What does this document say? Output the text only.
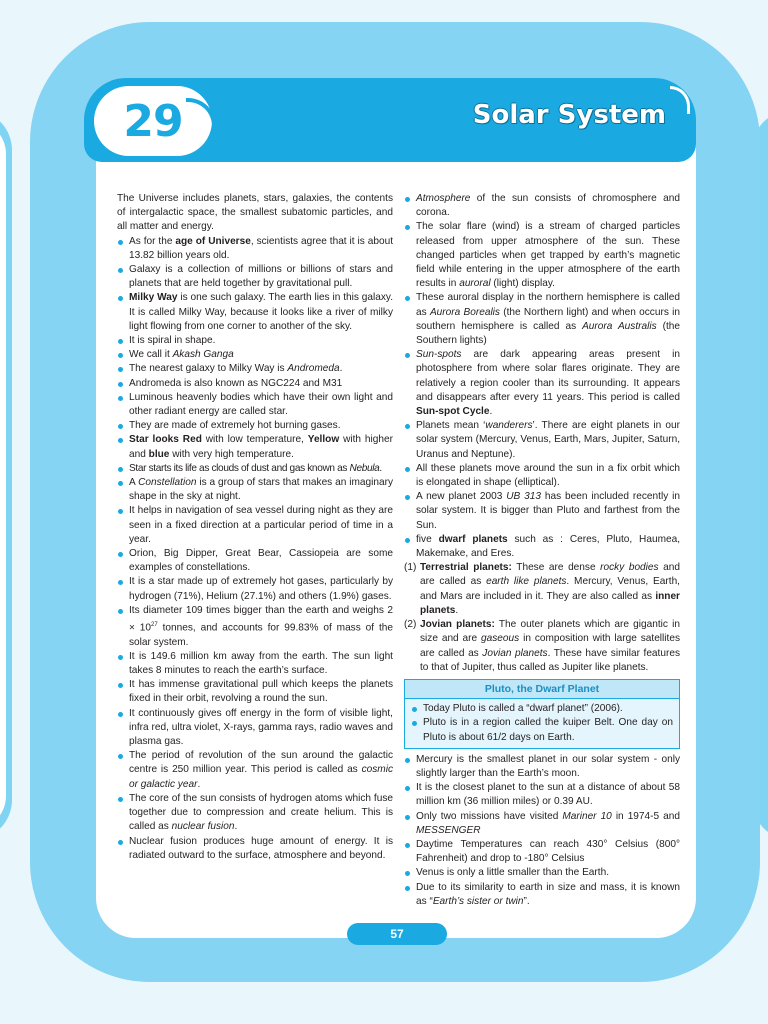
29	Solar System

The Universe includes planets, stars, galaxies, the contents of intergalactic space, the smallest subatomic particles, and all matter and energy.

As for the age of Universe, scientists agree that it is about 13.82 billion years old.
Galaxy is a collection of millions or billions of stars and planets that are held together by gravitational pull.
Milky Way is one such galaxy. The earth lies in this galaxy. It is called Milky Way, because it looks like a river of milky light flowing from one corner to another of the sky.
It is spiral in shape.
We call it Akash Ganga
The nearest galaxy to Milky Way is Andromeda.
Andromeda is also known as NGC224 and M31
Luminous heavenly bodies which have their own light and other radiant energy are called star.
They are made of extremely hot burning gases.
Star looks Red with low temperature, Yellow with higher and blue with very high temperature.
Star starts its life as clouds of dust and gas known as Nebula.
A Constellation is a group of stars that makes an imaginary shape in the sky at night.
It helps in navigation of sea vessel during night as they are seen in a fixed direction at a particular period of time in a year.
Orion, Big Dipper, Great Bear, Cassiopeia are some examples of constellations.
It is a star made up of extremely hot gases, particularly by hydrogen (71%), Helium (27.1%) and others (1.9%) gases.
Its diameter 109 times bigger than the earth and weighs $2 \times 10^{27}$ tonnes, and accounts for 99.83% of mass of the solar system.
It is 149.6 million km away from the earth. The sun light takes 8 minutes to reach the earth’s surface.
It has immense gravitational pull which keeps the planets fixed in their orbit, revolving a round the sun.
It continuously gives off energy in the form of visible light, infra red, ultra violet, X-rays, gamma rays, radio waves and plasma gas.
The period of revolution of the sun around the galactic centre is 250 million year. This period is called as cosmic or galactic year.
The core of the sun consists of hydrogen atoms which fuse together due to compression and create helium. This is called as nuclear fusion.
Nuclear fusion produces huge amount of energy. It is radiated outward to the surface, atmosphere and beyond.
Atmosphere of the sun consists of chromosphere and corona.
The solar flare (wind) is a stream of charged particles released from upper atmosphere of the sun. These changed particles when get trapped by earth’s magnetic field while entering in the upper atmosphere of the earth results in auroral (light) display.
These auroral display in the northern hemisphere is called as Aurora Borealis (the Northern light) and when occurs in southern hemisphere is called as Aurora Australis (the Southern lights)
Sun-spots are dark appearing areas present in photosphere from where solar flares originate. They are relatively a region cooler than its surrounding. It appears and disappears after every 11 years. This period is called Sun-spot Cycle.
Planets mean ‘wanderers’. There are eight planets in our solar system (Mercury, Venus, Earth, Mars, Jupiter, Saturn, Uranus and Neptune).
All these planets move around the sun in a fix orbit which is elongated in shape (elliptical).
A new planet 2003 UB 313 has been included recently in solar system. It is bigger than Pluto and farthest from the Sun.
five dwarf planets such as : Ceres, Pluto, Haumea, Makemake, and Eres.
(1) Terrestrial planets: These are dense rocky bodies and are called as earth like planets. Mercury, Venus, Earth, and Mars are included in it. They are also called as inner planets.
(2) Jovian planets: The outer planets which are gigantic in size and are gaseous in composition with large satellites are called as Jovian planets. These have similar features to that of Jupiter, thus called as Jupiter like planets.
Pluto, the Dwarf Planet
Today Pluto is called a “dwarf planet” (2006).
Pluto is in a region called the kuiper Belt. One day on Pluto is about 61/2 days on Earth.
Mercury is the smallest planet in our solar system - only slightly larger than the Earth’s moon.
It is the closest planet to the sun at a distance of about 58 million km (36 million miles) or 0.39 AU.
Only two missions have visited Mariner 10 in 1974-5 and MESSENGER
Daytime Temperatures can reach 430° Celsius (800° Fahrenheit) and drop to -180° Celsius
Venus is only a little smaller than the Earth.
Due to its similarity to earth in size and mass, it is known as “Earth’s sister or twin”.
57
